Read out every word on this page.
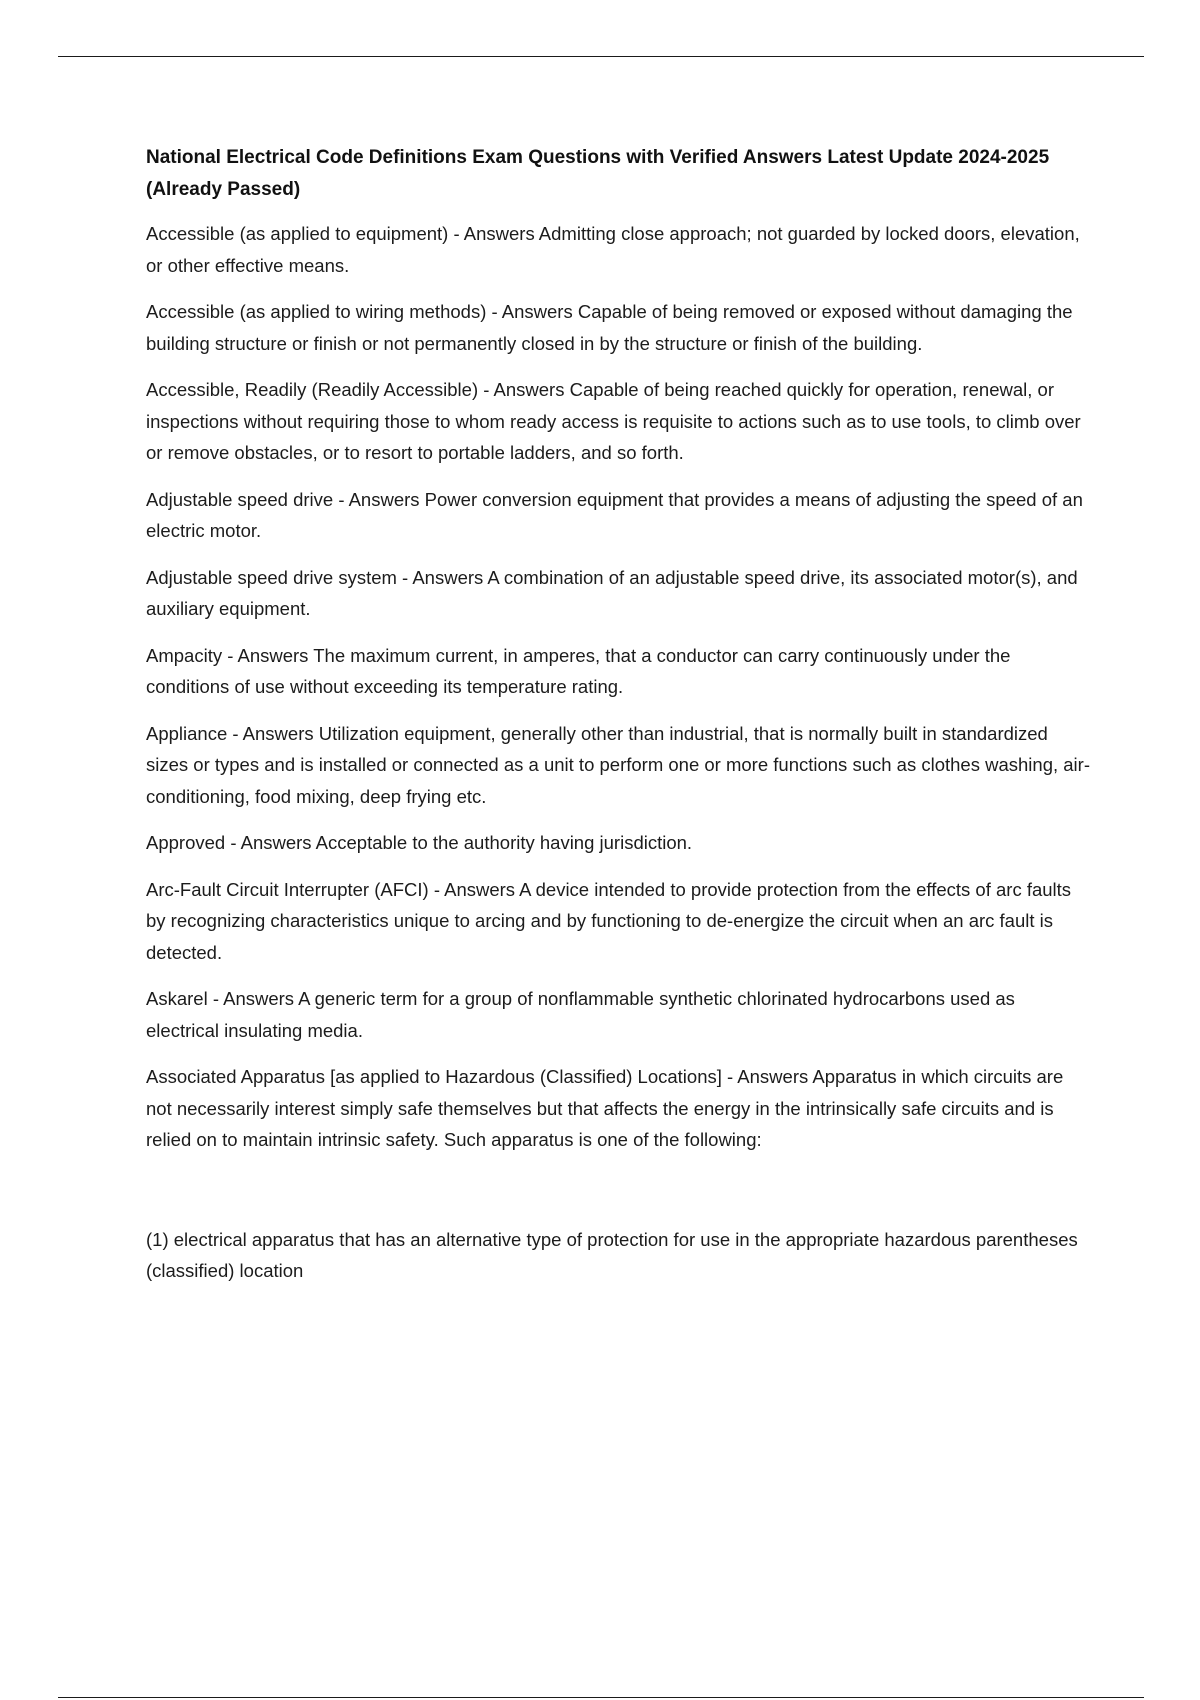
National Electrical Code Definitions Exam Questions with Verified Answers Latest Update 2024-2025 (Already Passed)

Accessible (as applied to equipment) - Answers Admitting close approach; not guarded by locked doors, elevation, or other effective means.

Accessible (as applied to wiring methods) - Answers Capable of being removed or exposed without damaging the building structure or finish or not permanently closed in by the structure or finish of the building.

Accessible, Readily (Readily Accessible) - Answers Capable of being reached quickly for operation, renewal, or inspections without requiring those to whom ready access is requisite to actions such as to use tools, to climb over or remove obstacles, or to resort to portable ladders, and so forth.

Adjustable speed drive - Answers Power conversion equipment that provides a means of adjusting the speed of an electric motor.

Adjustable speed drive system - Answers A combination of an adjustable speed drive, its associated motor(s), and auxiliary equipment.

Ampacity - Answers The maximum current, in amperes, that a conductor can carry continuously under the conditions of use without exceeding its temperature rating.

Appliance - Answers Utilization equipment, generally other than industrial, that is normally built in standardized sizes or types and is installed or connected as a unit to perform one or more functions such as clothes washing, air-conditioning, food mixing, deep frying etc.

Approved - Answers Acceptable to the authority having jurisdiction.

Arc-Fault Circuit Interrupter (AFCI) - Answers A device intended to provide protection from the effects of arc faults by recognizing characteristics unique to arcing and by functioning to de-energize the circuit when an arc fault is detected.

Askarel - Answers A generic term for a group of nonflammable synthetic chlorinated hydrocarbons used as electrical insulating media.

Associated Apparatus [as applied to Hazardous (Classified) Locations] - Answers Apparatus in which circuits are not necessarily interest simply safe themselves but that affects the energy in the intrinsically safe circuits and is relied on to maintain intrinsic safety. Such apparatus is one of the following:

(1) electrical apparatus that has an alternative type of protection for use in the appropriate hazardous parentheses (classified) location
